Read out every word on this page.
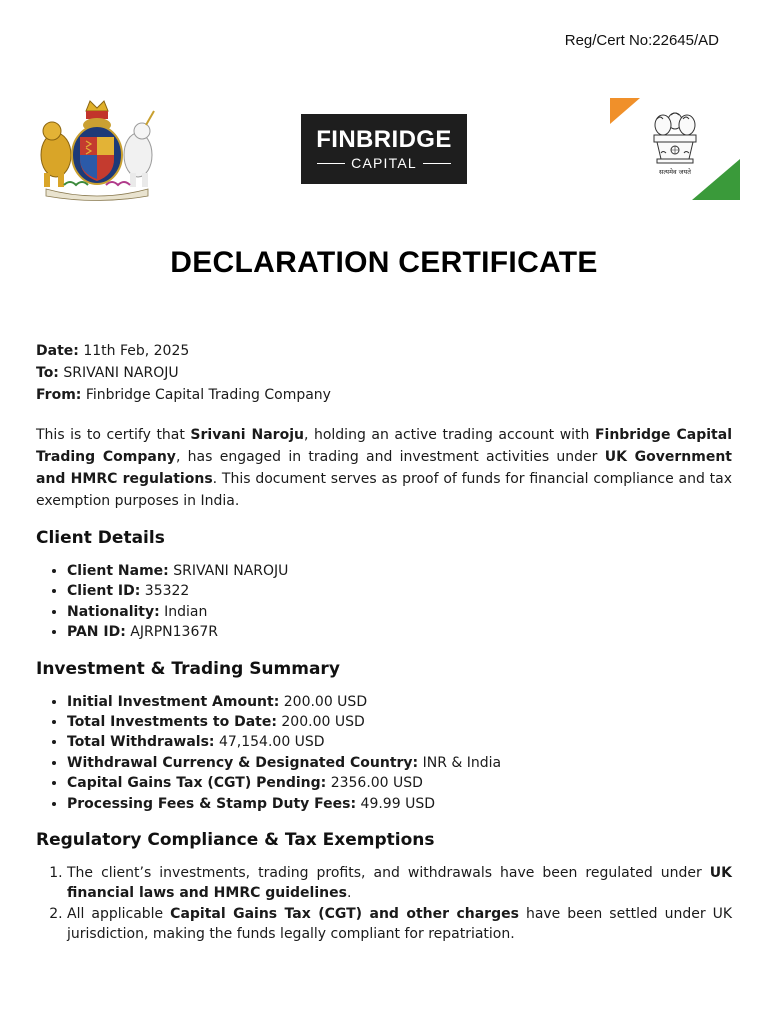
Reg/Cert No:22645/AD
FINBRIDGE
CAPITAL
सत्यमेव जयते
DECLARATION CERTIFICATE

Date: 11th Feb, 2025

To: SRIVANI NAROJU

From: Finbridge Capital Trading Company

This is to certify that Srivani Naroju, holding an active trading account with Finbridge Capital Trading Company, has engaged in trading and investment activities under UK Government and HMRC regulations. This document serves as proof of funds for financial compliance and tax exemption purposes in India.

Client Details
• Client Name: SRIVANI NAROJU
• Client ID: 35322
• Nationality: Indian
• PAN ID: AJRPN1367R
Investment & Trading Summary
• Initial Investment Amount: 200.00 USD
• Total Investments to Date: 200.00 USD
• Total Withdrawals: 47,154.00 USD
• Withdrawal Currency & Designated Country: INR & India
• Capital Gains Tax (CGT) Pending: 2356.00 USD
• Processing Fees & Stamp Duty Fees: 49.99 USD
Regulatory Compliance & Tax Exemptions
1. The client’s investments, trading profits, and withdrawals have been regulated under UK financial laws and HMRC guidelines.
2. All applicable Capital Gains Tax (CGT) and other charges have been settled under UK jurisdiction, making the funds legally compliant for repatriation.
